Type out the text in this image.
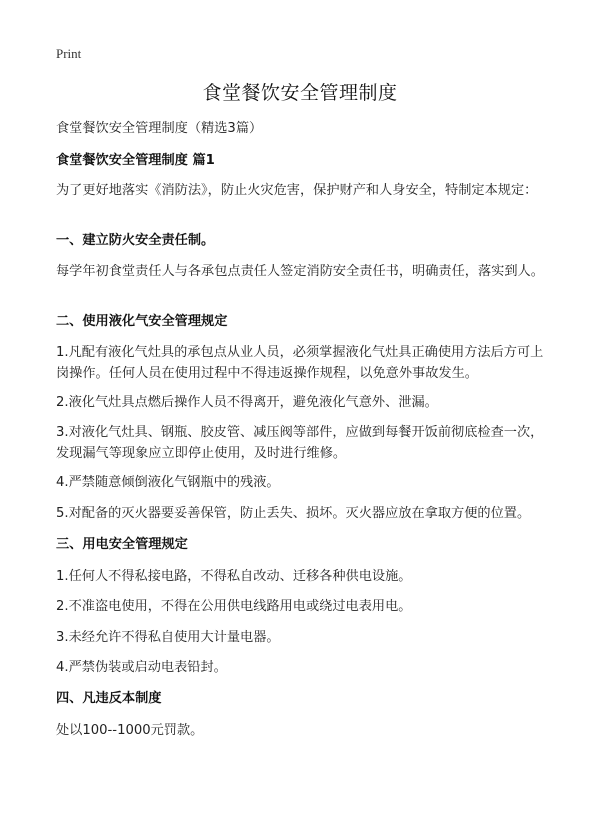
Print
食堂餐饮安全管理制度
食堂餐饮安全管理制度（精选3篇）
食堂餐饮安全管理制度 篇1
为了更好地落实《消防法》，防止火灾危害，保护财产和人身安全，特制定本规定：
一、建立防火安全责任制。
每学年初食堂责任人与各承包点责任人签定消防安全责任书，明确责任，落实到人。
二、使用液化气安全管理规定
1.凡配有液化气灶具的承包点从业人员，必须掌握液化气灶具正确使用方法后方可上岗操作。任何人员在使用过程中不得违返操作规程，以免意外事故发生。
2.液化气灶具点燃后操作人员不得离开，避免液化气意外、泄漏。
3.对液化气灶具、钢瓶、胶皮管、减压阀等部件，应做到每餐开饭前彻底检查一次，发现漏气等现象应立即停止使用，及时进行维修。
4.严禁随意倾倒液化气钢瓶中的残液。
5.对配备的灭火器要妥善保管，防止丢失、损坏。灭火器应放在拿取方便的位置。
三、用电安全管理规定
1.任何人不得私接电路，不得私自改动、迁移各种供电设施。
2.不准盗电使用，不得在公用供电线路用电或绕过电表用电。
3.未经允许不得私自使用大计量电器。
4.严禁伪装或启动电表铅封。
四、凡违反本制度
处以100--1000元罚款。
